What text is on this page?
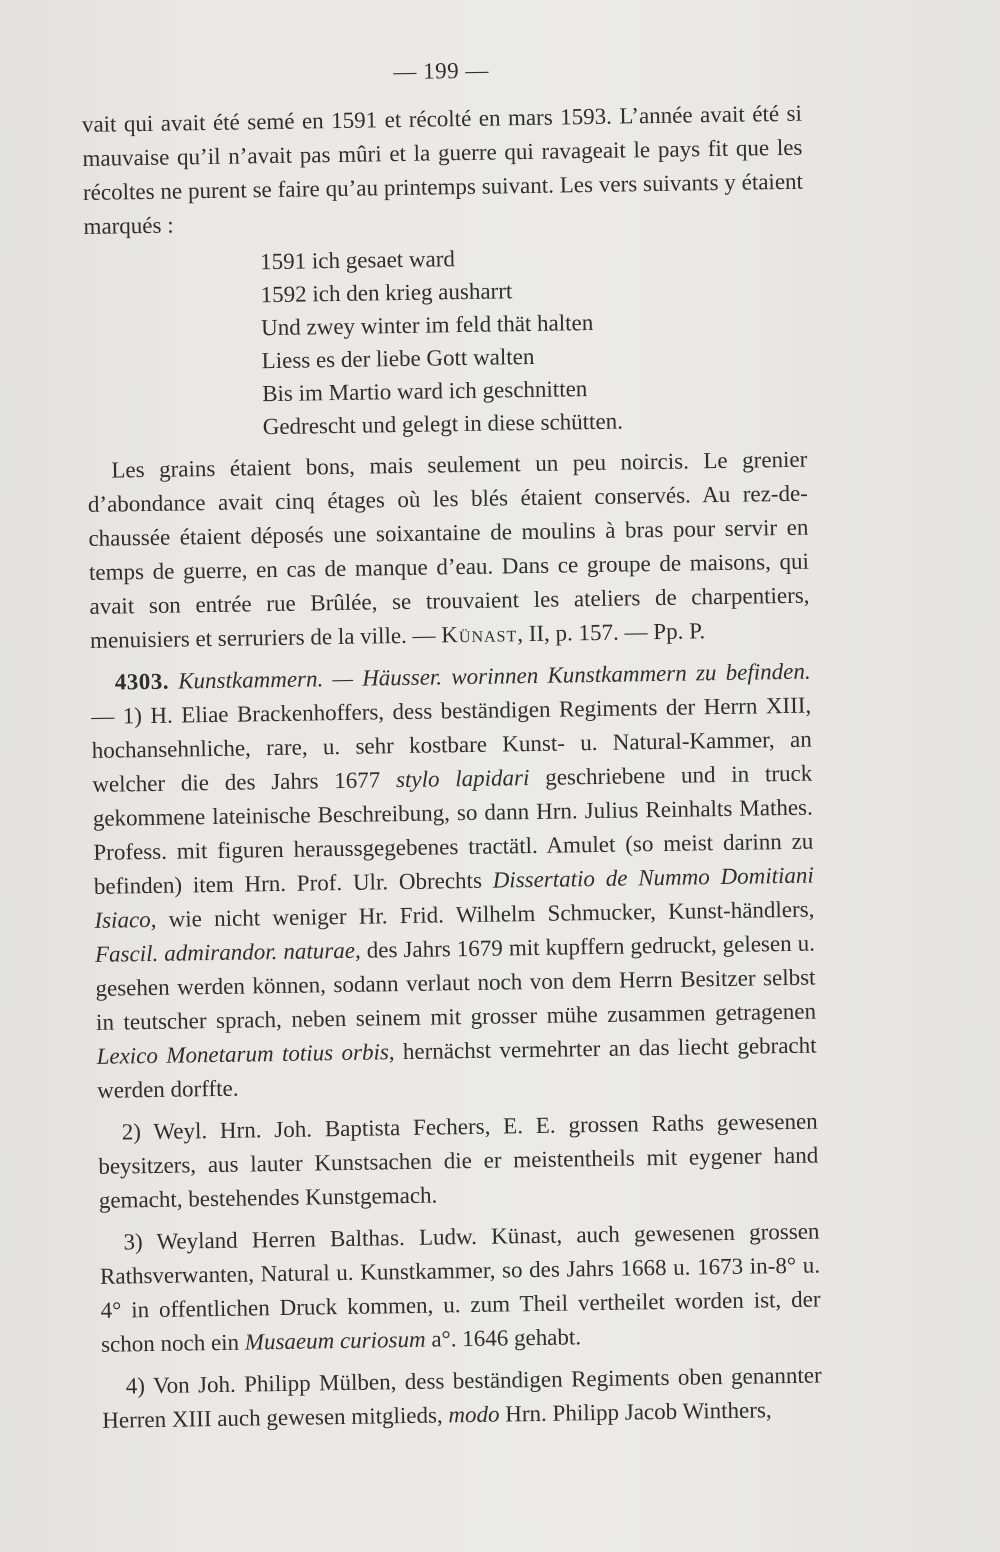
— 199 —

vait qui avait été semé en 1591 et récolté en mars 1593. L’année avait été si mauvaise qu’il n’avait pas mûri et la guerre qui ravageait le pays fit que les récoltes ne purent se faire qu’au printemps suivant. Les vers suivants y étaient marqués :

1591 ich gesaet ward
1592 ich den krieg ausharrt
Und zwey winter im feld thät halten
Liess es der liebe Gott walten
Bis im Martio ward ich geschnitten
Gedrescht und gelegt in diese schütten.

Les grains étaient bons, mais seulement un peu noircis. Le grenier d’abondance avait cinq étages où les blés étaient conservés. Au rez-de-chaussée étaient déposés une soixantaine de moulins à bras pour servir en temps de guerre, en cas de manque d’eau. Dans ce groupe de maisons, qui avait son entrée rue Brûlée, se trouvaient les ateliers de charpentiers, menuisiers et serruriers de la ville. — Künast, II, p. 157. — Pp. P.

4303. Kunstkammern. — Häusser. worinnen Kunstkammern zu befinden. — 1) H. Eliae Brackenhoffers, dess beständigen Regiments der Herrn XIII, hochansehnliche, rare, u. sehr kostbare Kunst- u. Natural-Kammer, an welcher die des Jahrs 1677 stylo lapidari geschriebene und in truck gekommene lateinische Beschreibung, so dann Hrn. Julius Reinhalts Mathes. Profess. mit figuren heraussgegebenes tractätl. Amulet (so meist darinn zu befinden) item Hrn. Prof. Ulr. Obrechts Dissertatio de Nummo Domitiani Isiaco, wie nicht weniger Hr. Frid. Wilhelm Schmucker, Kunst-händlers, Fascil. admirandor. naturae, des Jahrs 1679 mit kupffern gedruckt, gelesen u. gesehen werden können, sodann verlaut noch von dem Herrn Besitzer selbst in teutscher sprach, neben seinem mit grosser mühe zusammen getragenen Lexico Monetarum totius orbis, hernächst vermehrter an das liecht gebracht werden dorffte.

2) Weyl. Hrn. Joh. Baptista Fechers, E. E. grossen Raths gewesenen beysitzers, aus lauter Kunstsachen die er meistentheils mit eygener hand gemacht, bestehendes Kunstgemach.

3) Weyland Herren Balthas. Ludw. Künast, auch gewesenen grossen Rathsverwanten, Natural u. Kunstkammer, so des Jahrs 1668 u. 1673 in-8° u. 4° in offentlichen Druck kommen, u. zum Theil vertheilet worden ist, der schon noch ein Musaeum curiosum a°. 1646 gehabt.

4) Von Joh. Philipp Mülben, dess beständigen Regiments oben genannter Herren XIII auch gewesen mitglieds, modo Hrn. Philipp Jacob Winthers,
